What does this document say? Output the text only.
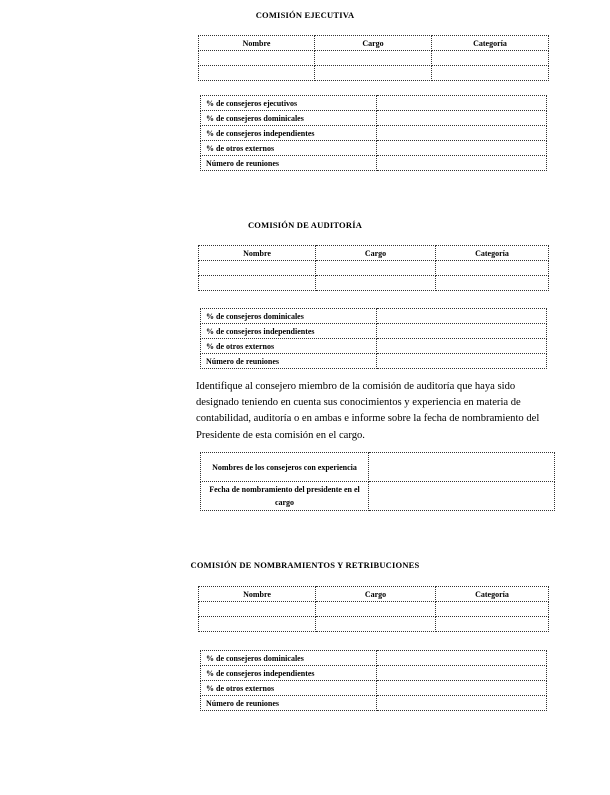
COMISIÓN EJECUTIVA
Nombre	Cargo	Categoría

% de consejeros ejecutivos	
% de consejeros dominicales	
% de consejeros independientes	
% de otros externos	
Número de reuniones	
COMISIÓN DE AUDITORÍA
Nombre	Cargo	Categoría

% de consejeros dominicales	
% de consejeros independientes	
% de otros externos	
Número de reuniones	

Identifique al consejero miembro de la comisión de auditoría que haya sido designado teniendo en cuenta sus conocimientos y experiencia en materia de contabilidad, auditoría o en ambas e informe sobre la fecha de nombramiento del Presidente de esta comisión en el cargo.

Nombres de los consejeros con experiencia	
Fecha de nombramiento del presidente en el cargo	
COMISIÓN DE NOMBRAMIENTOS Y RETRIBUCIONES
Nombre	Cargo	Categoría

% de consejeros dominicales	
% de consejeros independientes	
% de otros externos	
Número de reuniones	
